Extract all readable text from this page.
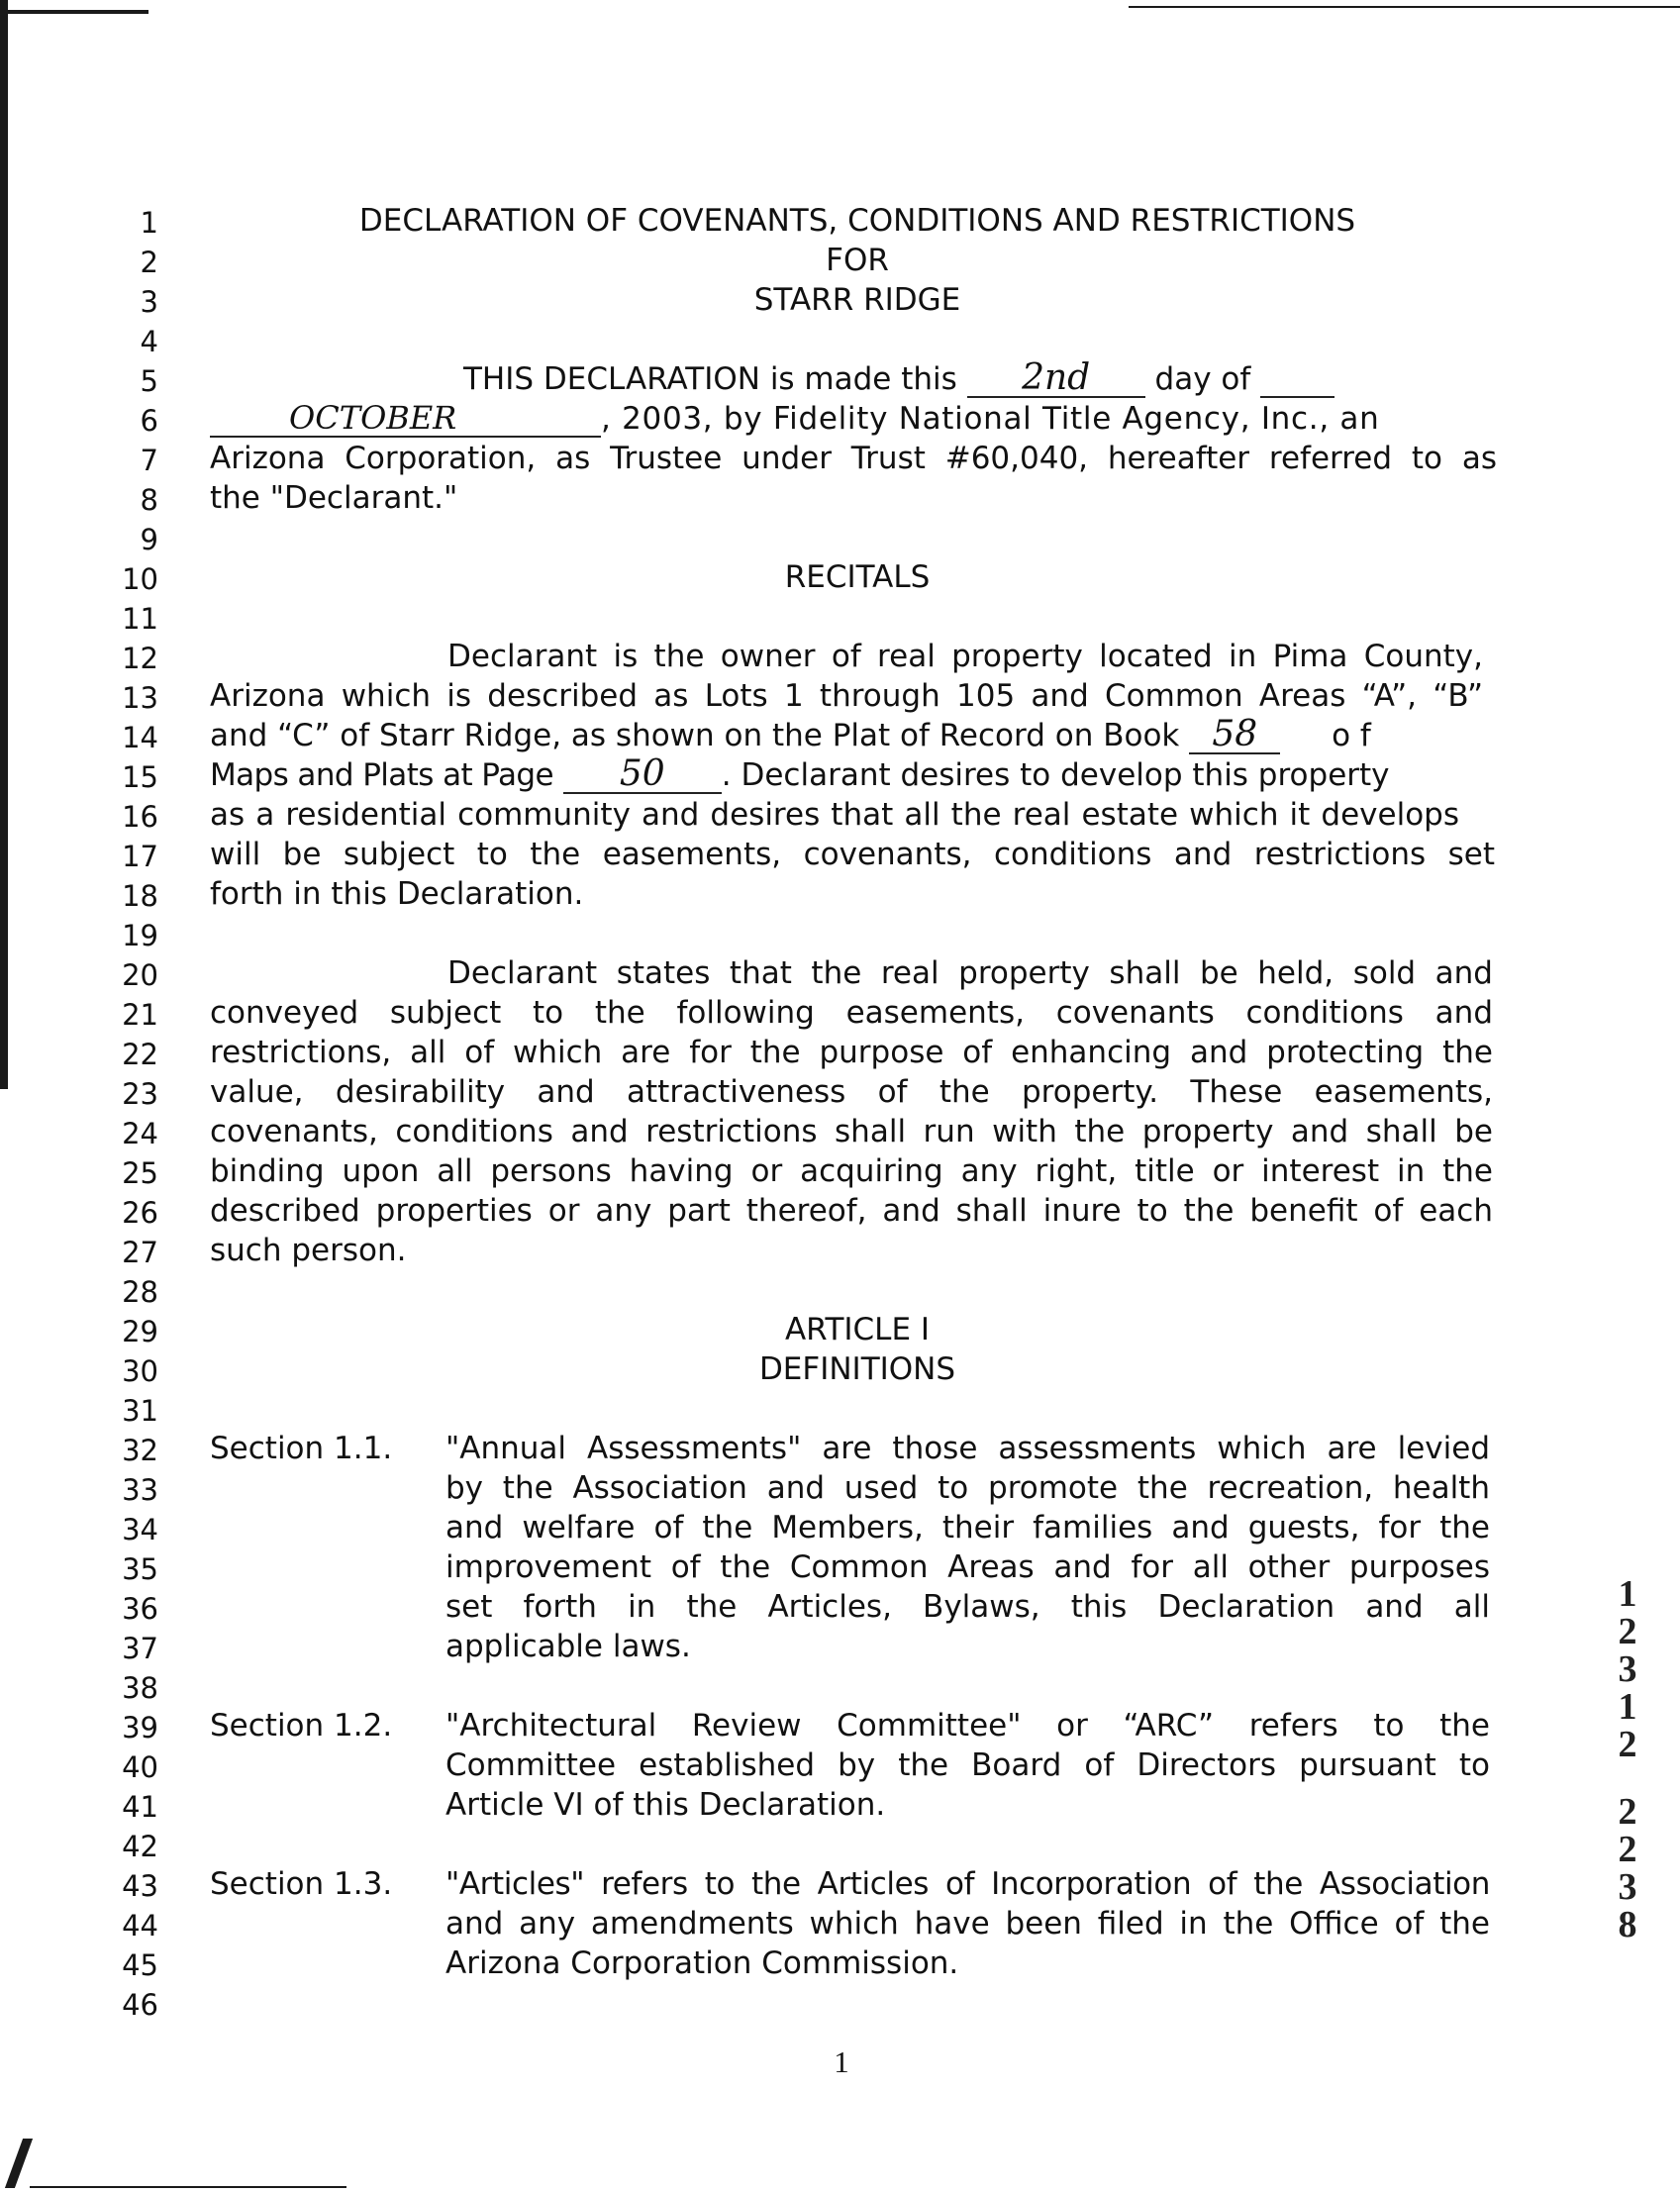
1
2
3
4
5
6
7
8
9
10
11
12
13
14
15
16
17
18
19
20
21
22
23
24
25
26
27
28
29
30
31
32
33
34
35
36
37
38
39
40
41
42
43
44
45
46
DECLARATION OF COVENANTS, CONDITIONS AND RESTRICTIONS
FOR
STARR RIDGE
THIS DECLARATION is made this 2nd day of
OCTOBER	, 2003, by Fidelity National Title Agency, Inc., an
Arizona Corporation, as Trustee under Trust #60,040, hereafter referred to as
the "Declarant."
RECITALS
Declarant is the owner of real property located in Pima County,
Arizona which is described as Lots 1 through 105 and Common Areas “A”, “B”
and “C” of Starr Ridge, as shown on the Plat of Record on Book 58 o f
Maps and Plats at Page 50 . Declarant desires to develop this property
as a residential community and desires that all the real estate which it develops
will be subject to the easements, covenants, conditions and restrictions set
forth in this Declaration.
Declarant states that the real property shall be held, sold and
conveyed subject to the following easements, covenants conditions and
restrictions, all of which are for the purpose of enhancing and protecting the
value, desirability and attractiveness of the property. These easements,
covenants, conditions and restrictions shall run with the property and shall be
binding upon all persons having or acquiring any right, title or interest in the
described properties or any part thereof, and shall inure to the benefit of each
such person.
ARTICLE I
DEFINITIONS
Section 1.1. "Annual Assessments" are those assessments which are levied
by the Association and used to promote the recreation, health
and welfare of the Members, their families and guests, for the
improvement of the Common Areas and for all other purposes
set forth in the Articles, Bylaws, this Declaration and all
applicable laws.
Section 1.2. "Architectural Review Committee" or “ARC” refers to the
Committee established by the Board of Directors pursuant to
Article VI of this Declaration.
Section 1.3. "Articles" refers to the Articles of Incorporation of the Association
and any amendments which have been filed in the Office of the
Arizona Corporation Commission.
1
2
3
1
2
2
2
3
8
1
